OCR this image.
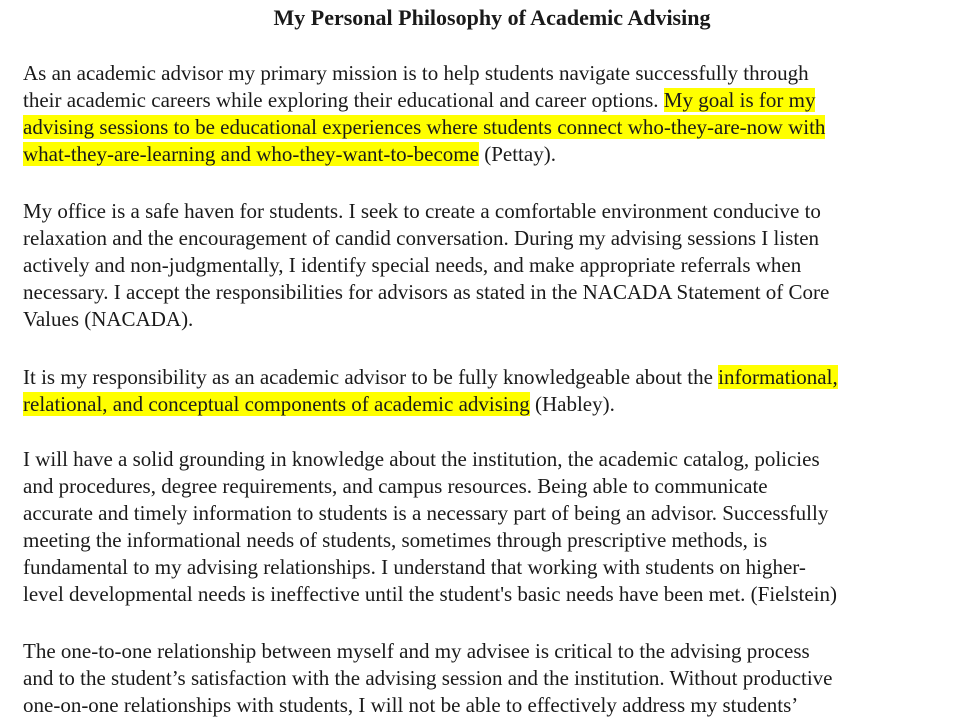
My Personal Philosophy of Academic Advising

As an academic advisor my primary mission is to help students navigate successfully through
their academic careers while exploring their educational and career options. My goal is for my
advising sessions to be educational experiences where students connect who-they-are-now with
what-they-are-learning and who-they-want-to-become (Pettay).

My office is a safe haven for students. I seek to create a comfortable environment conducive to
relaxation and the encouragement of candid conversation. During my advising sessions I listen
actively and non-judgmentally, I identify special needs, and make appropriate referrals when
necessary. I accept the responsibilities for advisors as stated in the NACADA Statement of Core
Values (NACADA).

It is my responsibility as an academic advisor to be fully knowledgeable about the informational,
relational, and conceptual components of academic advising (Habley).

I will have a solid grounding in knowledge about the institution, the academic catalog, policies
and procedures, degree requirements, and campus resources. Being able to communicate
accurate and timely information to students is a necessary part of being an advisor. Successfully
meeting the informational needs of students, sometimes through prescriptive methods, is
fundamental to my advising relationships. I understand that working with students on higher-
level developmental needs is ineffective until the student's basic needs have been met. (Fielstein)

The one-to-one relationship between myself and my advisee is critical to the advising process
and to the student’s satisfaction with the advising session and the institution. Without productive
one-on-one relationships with students, I will not be able to effectively address my students’
